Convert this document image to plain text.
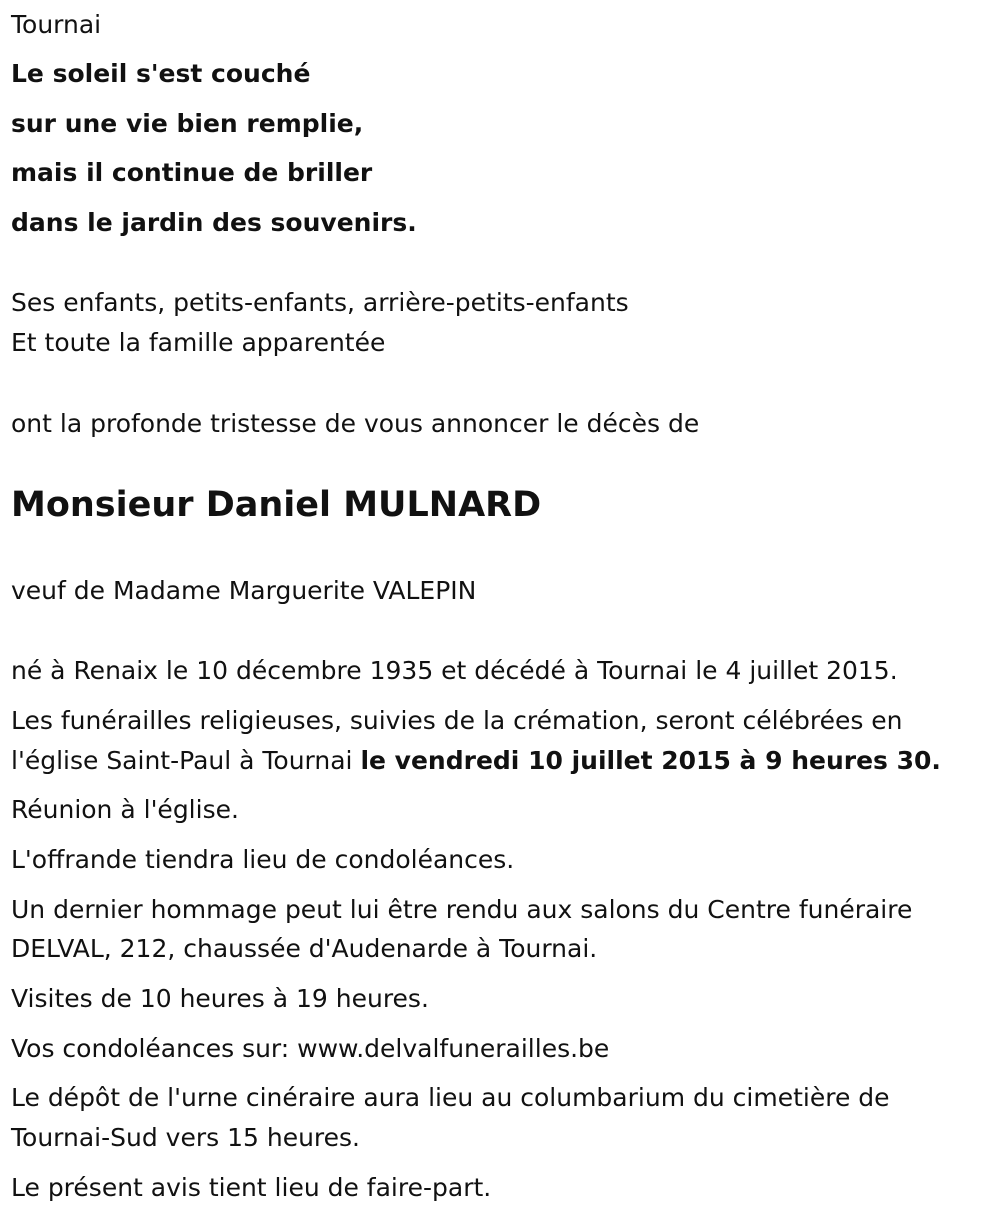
Tournai
Le soleil s'est couché
sur une vie bien remplie,
mais il continue de briller
dans le jardin des souvenirs.
Ses enfants, petits-enfants, arrière-petits-enfants
Et toute la famille apparentée
ont la profonde tristesse de vous annoncer le décès de
Monsieur Daniel MULNARD
veuf de Madame Marguerite VALEPIN
né à Renaix le 10 décembre 1935 et décédé à Tournai le 4 juillet 2015.
Les funérailles religieuses, suivies de la crémation, seront célébrées en
l'église Saint-Paul à Tournai le vendredi 10 juillet 2015 à 9 heures 30.
Réunion à l'église.
L'offrande tiendra lieu de condoléances.
Un dernier hommage peut lui être rendu aux salons du Centre funéraire
DELVAL, 212, chaussée d'Audenarde à Tournai.
Visites de 10 heures à 19 heures.
Vos condoléances sur: www.delvalfunerailles.be
Le dépôt de l'urne cinéraire aura lieu au columbarium du cimetière de
Tournai-Sud vers 15 heures.
Le présent avis tient lieu de faire-part.
